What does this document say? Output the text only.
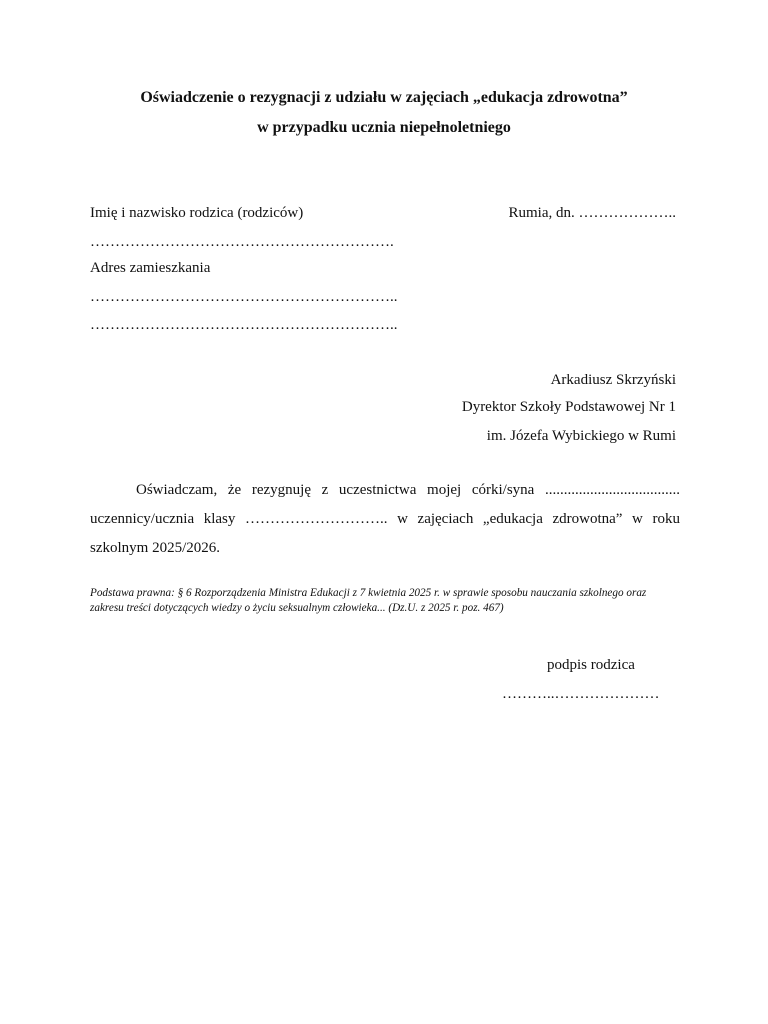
Oświadczenie o rezygnacji z udziału w zajęciach „edukacja zdrowotna”

w przypadku ucznia niepełnoletniego

Imię i nazwisko rodzica (rodziców)	Rumia, dn. ………………..
…………………………………………………….
Adres zamieszkania
……………………………………………………..
……………………………………………………..
Arkadiusz Skrzyński
Dyrektor Szkoły Podstawowej Nr 1
im. Józefa Wybickiego w Rumi

Oświadczam, że rezygnuję z uczestnictwa mojej córki/syna .................................... uczennicy/ucznia klasy ……………………….. w zajęciach „edukacja zdrowotna” w roku szkolnym 2025/2026.

Podstawa prawna: § 6 Rozporządzenia Ministra Edukacji z 7 kwietnia 2025 r. w sprawie sposobu nauczania szkolnego oraz zakresu treści dotyczących wiedzy o życiu seksualnym człowieka... (Dz.U. z 2025 r. poz. 467)

podpis rodzica
………..…………………
